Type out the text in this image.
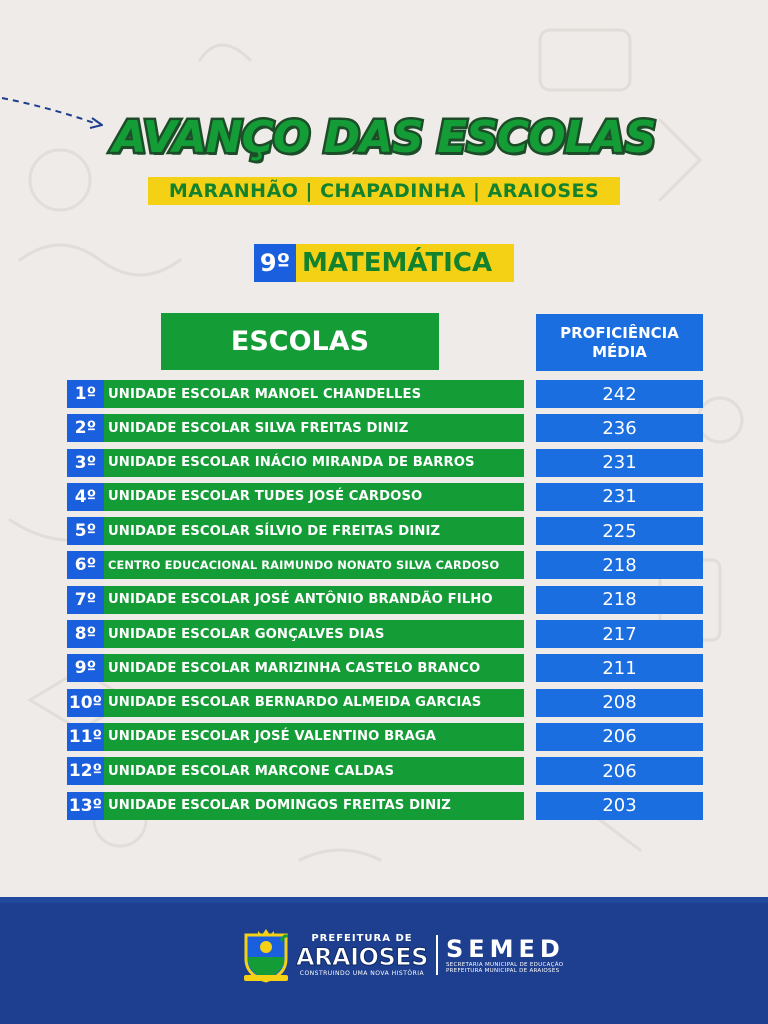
AVANÇO DAS ESCOLAS
MARANHÃO | CHAPADINHA | ARAIOSES
9º MATEMÁTICA
ESCOLAS	PROFICIÊNCIA
MÉDIA
1º UNIDADE ESCOLAR MANOEL CHANDELLES	242
2º UNIDADE ESCOLAR SILVA FREITAS DINIZ	236
3º UNIDADE ESCOLAR INÁCIO MIRANDA DE BARROS	231
4º UNIDADE ESCOLAR TUDES JOSÉ CARDOSO	231
5º UNIDADE ESCOLAR SÍLVIO DE FREITAS DINIZ	225
6º	CENTRO EDUCACIONAL RAIMUNDO NONATO SILVA CARDOSO	218
7º UNIDADE ESCOLAR JOSÉ ANTÔNIO BRANDÃO FILHO	218
8º UNIDADE ESCOLAR GONÇALVES DIAS	217
9º UNIDADE ESCOLAR MARIZINHA CASTELO BRANCO	211
10º UNIDADE ESCOLAR BERNARDO ALMEIDA GARCIAS	208
11º UNIDADE ESCOLAR JOSÉ VALENTINO BRAGA	206
12º UNIDADE ESCOLAR MARCONE CALDAS	206
13º UNIDADE ESCOLAR DOMINGOS FREITAS DINIZ	203
PREFEITURA DE
ARAIOSES
CONSTRUINDO UMA NOVA HISTÓRIA
SEMED
SECRETARIA MUNICIPAL DE EDUCAÇÃO
PREFEITURA MUNICIPAL DE ARAIOSES
